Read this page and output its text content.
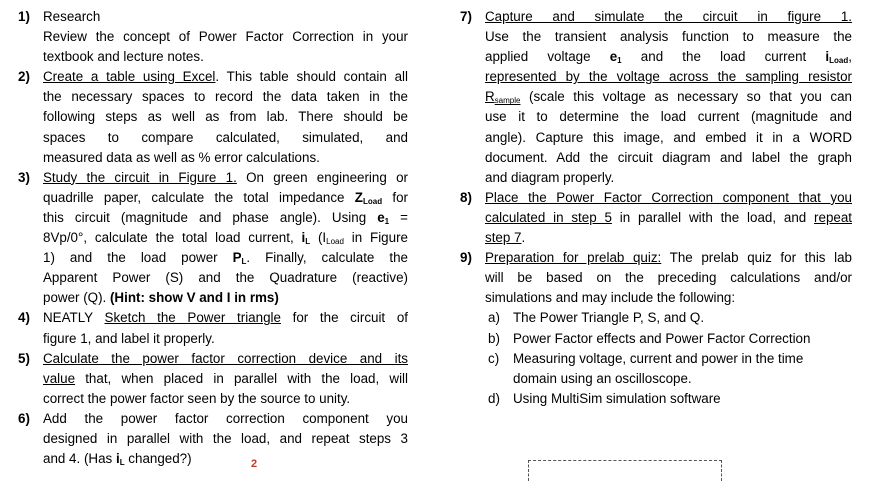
1) Research
Review the concept of Power Factor Correction in your
textbook and lecture notes.
2) Create a table using Excel. This table should contain all
the necessary spaces to record the data taken in the
following steps as well as from lab. There should be
spaces to compare calculated, simulated, and
measured data as well as % error calculations.
3) Study the circuit in Figure 1. On green engineering or
quadrille paper, calculate the total impedance $Z_{Load}$ for
this circuit (magnitude and phase angle). Using $e_1$ =
8Vp/0°, calculate the total load current, $i_L$ ($I_{Load}$ in Figure
1) and the load power $P_L$. Finally, calculate the
Apparent Power (S) and the Quadrature (reactive)
power (Q). (Hint: show V and I in rms)
4) NEATLY Sketch the Power triangle for the circuit of
figure 1, and label it properly.
5) Calculate the power factor correction device and its
value that, when placed in parallel with the load, will
correct the power factor seen by the source to unity.
6) Add the power factor correction component you
designed in parallel with the load, and repeat steps 3
and 4. (Has $i_L$ changed?)
7) Capture and simulate the circuit in figure 1.
Use the transient analysis function to measure the
applied voltage $e_1$ and the load current $i_{Load}$,
represented by the voltage across the sampling resistor
$R_{sample}$ (scale this voltage as necessary so that you can
use it to determine the load current (magnitude and
angle). Capture this image, and embed it in a WORD
document. Add the circuit diagram and label the graph
and diagram properly.
8) Place the Power Factor Correction component that you
calculated in step 5 in parallel with the load, and repeat
step 7.
9) Preparation for prelab quiz: The prelab quiz for this lab
will be based on the preceding calculations and/or
simulations and may include the following:
a) The Power Triangle P, S, and Q.
b) Power Factor effects and Power Factor Correction
c) Measuring voltage, current and power in the time
domain using an oscilloscope.
d) Using MultiSim simulation software
2
